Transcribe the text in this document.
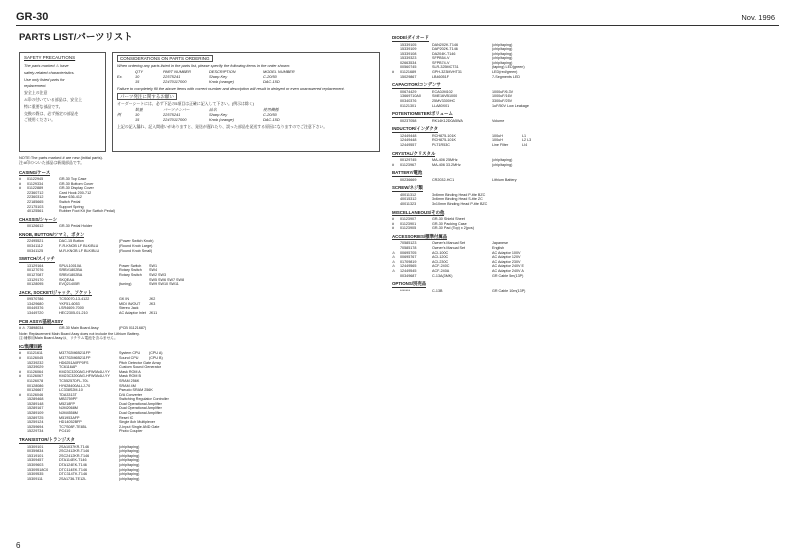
GR-30	Nov. 1996
PARTS LIST/パーツリスト
SAFETY PRECAUTIONS
The parts marked ⚠ have
safety-related characteristics.
Use only listed parts for
replacement.
安全上の注意
⚠印の付いている部品は、安全上
特に重要な部品です。
交換の際は、必ず指定の部品を
ご使用ください。
CONSIDERATIONS ON PARTS ORDERING
When ordering any parts listed in the parts list, please specify the following items in the order shown:
QTY	PART NUMBER	DESCRIPTION	MODEL NUMBER
Ex.	10	22575241	Sharp Key	C-20/50
15	22470117000	Knob (orange)	DAC-15D
Failure to completely fill the above items with correct number and description will result in delayed or even unanswered replacement.
パーツ発注に関するお願い
オーダーシートには、必ず下記の5項目は正確に記入して下さい。(例示は除く)
数量	パーツナンバー	品名	使用機種
例	10	22575241	Sharp Key	C-20/50
15	22470117000	Knob (orange)	DAC-15D
上記の記入漏れ、記入間違いがありますと、発送が遅れたり、誤った部品を発送する原因になりますのでご注意下さい。
NOTE:The parts marked # are new (initial parts).
注:#印のついた部品は新規部品です。
CASING/ケース
#	01122945	GR-30 Top Case
#	01129334	GR-30 Bottom Cover
#	01122889	GR-30 Display Cover
22360712	Card Hook 200-712
22360312	Base 636-412
22185665	Switch Pedal
22175103	Support Spring
40125561	Rubber Foot Kit (for Switch Pedal)
CHASSIS/シャーシ
00126612	GR-30 Pedal Holder
KNOB, BUTTON/ツマミ、ボタン
22495521	DAC-15 Button	(Power Switch Knob)
00341112	F-R-KNOB LF BLK/BLU	(Round Knob Large)
00341125	M-R-KNOB LF BLK/BLU	(Round Knob Small)
SWITCH/スイッチ
13129164	SPUL10010A	Power Switch	SW1
00127076	SRBV1802BA	Rotary Switch	SW4
00127087	SRBV1802BA	Rotary Switch	SW2 SW3
13129170	SKQEAA	SW5 SW6 SW7 SW8
00128095	EVQ21405R	(tuning)	SW9 SW10 SW11
JACK, SOCKET/ジャック、ソケット
09570786	TCS0070-13-4122	GK IN	JK2
13429680	YKF51-6053	MIDI IN/OUT	JK3
00449376	LSR4609-7000	Stereo Jack
13449720	HEC2305-01-210	AC Adaptor Inlet JK11
PCB ASSY/基板ASSY
# ⚠ 73898034	GR-30 Main Board Assy	(PCB 01121687)
Note: Replacement Main Board Assy does not include the Lithium Battery.
注:補修用Main Board Assyは、リチウム電池を含みません。
IC/集積回路
#	01121611	M37702M6B211FP	System CPU	(CPU A)
#	01126045	M37702M6B211FP	Sound CPU	(CPU B)
15239232	HD6251A0FP0FS	Pitch Detector Gate Array
15239029	TC6116AP	Custom Sound Generator
#	01126064	KM23C3200AG-HFW9A4U-YY	Mask ROM A
#	01126067	KM23C3200AG-HFW9A4U-YY	Mask ROM B
01126078	TC55257DFL-70L	SRAM 256K
00128086	HY628400ALLJ-70	SRAM 4M
00126667	LC338S2M-10	Pseudo SRAM 256K
#	01126046	TDA3313T	D/A Converter
15289468	MB3759PF	Switching Regulator Controller
15289148	M5218FP	Dual Operational Amplifier
15289167	NJM2068M	Dual Operational Amplifier
15289109	NJM4558M	Dual Operational Amplifier
15289725	M51953AFP	Reset IC
15259124	HD14052BFP	Single 8ch Multiplexer
15259694	TC7S08F-TE85L	2-Input Single AND Gate
15229734	PC410	Photo Coupler
TRANSISTOR/トランジスタ
15309101	2SA1037KR-T146	(chip/taping)
00359834	2SC2412KR-T146	(chip/taping)
15319101	2SC2412KR-T146	(chip/taping)
15309457	DTA114EK-T146	(chip/taping)
15309603	DTA124EK-T146	(chip/taping)
15309518C0	DTC114EK-T146	(chip/taping)
15309535	DTC314TK-T146	(chip/taping)
15309111	2SA1736-TE12L	(chip/taping)
DIODE/ダイオード
15339105	DAN202K-T146	(chip/taping)
15339109	DAP202K-T146	(chip/taping)
15339108	DA204K-T146	(chip/taping)
15339323	SFPB54-V	(chip/taping)
02663534	SFPB74-V	(chip/taping)
00560745	SLR-325MCT31	(taping) LED(green)
#	01121689	GPH-323MVHT31	LED(red/green)
15029867	LB46051F	7-Segments LED
CAPACITOR/コンデンサ
00674429	ECA0JM102	1000uF/6.3V
13669710A0	SME16VB1000	1000uF/16V
00340376	25MV3300HC	3300uF/25V
01121301	LLA80X01	1uF/50V Low Leakage
POTENTIOMETER/ボリューム
00237058	RK14K12D0A5WA	Volume
INDUCTOR/インダクタ
12449448	RCH875-101K	100uH	L1
12449448	RCH875-101K	100uH	L2 L3
12449557	PLT1R53C	Line Filter	LI4
CRYSTAL/クリスタル
00129745	MA-406 25MHz	(chip/taping)
#	01123967	MA-406 33.2MHz	(chip/taping)
BATTERY/電池
00236669	CR2032-HC1	Lithium Battery
SCREW/ネジ類
40011312	3x6mm Binding Head P-tite BZC
40015312	3x6mm Binding Head S-tite ZC
40011323	3x10mm Binding Head P-tite BZC
MISCELLANEOUS/その他
#	01123907	GR-30 Shield Sheet
#	01123901	GR-30 Packing Case
#	01123905	GR-30 Pad (Top) x 2(pcs)
ACCESSORIES/標準付属品
70585123	Owner's Manual Set	Japanese
70585178	Owner's Manual Set	English
⚠	00695705	ACI-100C	AC Adaptor 100V
⚠	00695767	ACI-120C	AC Adaptor 120V
⚠	01709819	ACI-230C	AC Adaptor 230V
⚠	12449565	ACF-240C	AC Adaptor 240V E
⚠	12449545	ACF-240A	AC Adaptor 240V A
00349687	C-13A(3MK)	GR Cable 5m(13P)
OPTIONS/別売品
*******	C-13B	GR Cable 10m(13P)
6
